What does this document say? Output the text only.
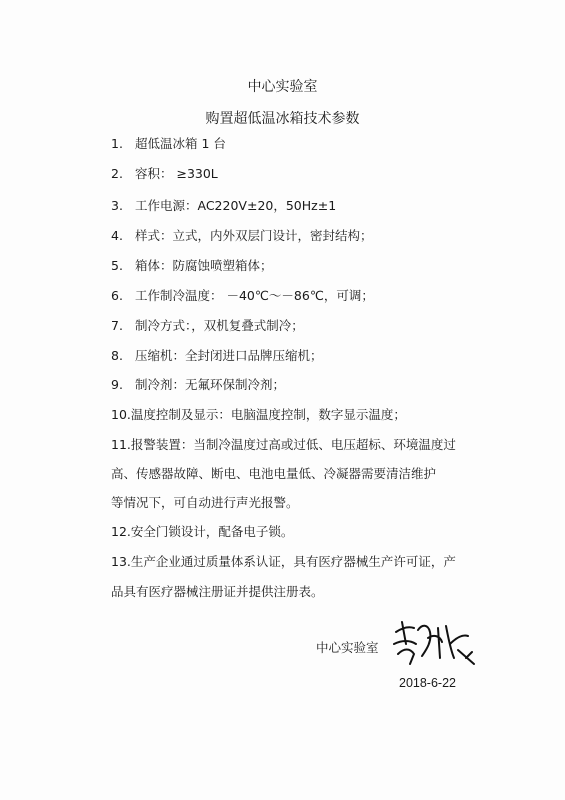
中心实验室
购置超低温冰箱技术参数
1. 超低温冰箱 1 台
2. 容积： ≥330L
3. 工作电源：AC220V±20，50Hz±1
4. 样式：立式，内外双层门设计，密封结构；
5. 箱体：防腐蚀喷塑箱体；
6. 工作制冷温度： －40℃～－86℃，可调；
7. 制冷方式：，双机复叠式制冷；
8. 压缩机：全封闭进口品牌压缩机；
9. 制冷剂：无氟环保制冷剂；
10.温度控制及显示：电脑温度控制，数字显示温度；
11.报警装置：当制冷温度过高或过低、电压超标、环境温度过
高、传感器故障、断电、电池电量低、冷凝器需要清洁维护
等情况下，可自动进行声光报警。
12.安全门锁设计，配备电子锁。
13.生产企业通过质量体系认证，具有医疗器械生产许可证，产
品具有医疗器械注册证并提供注册表。
中心实验室
2018-6-22
